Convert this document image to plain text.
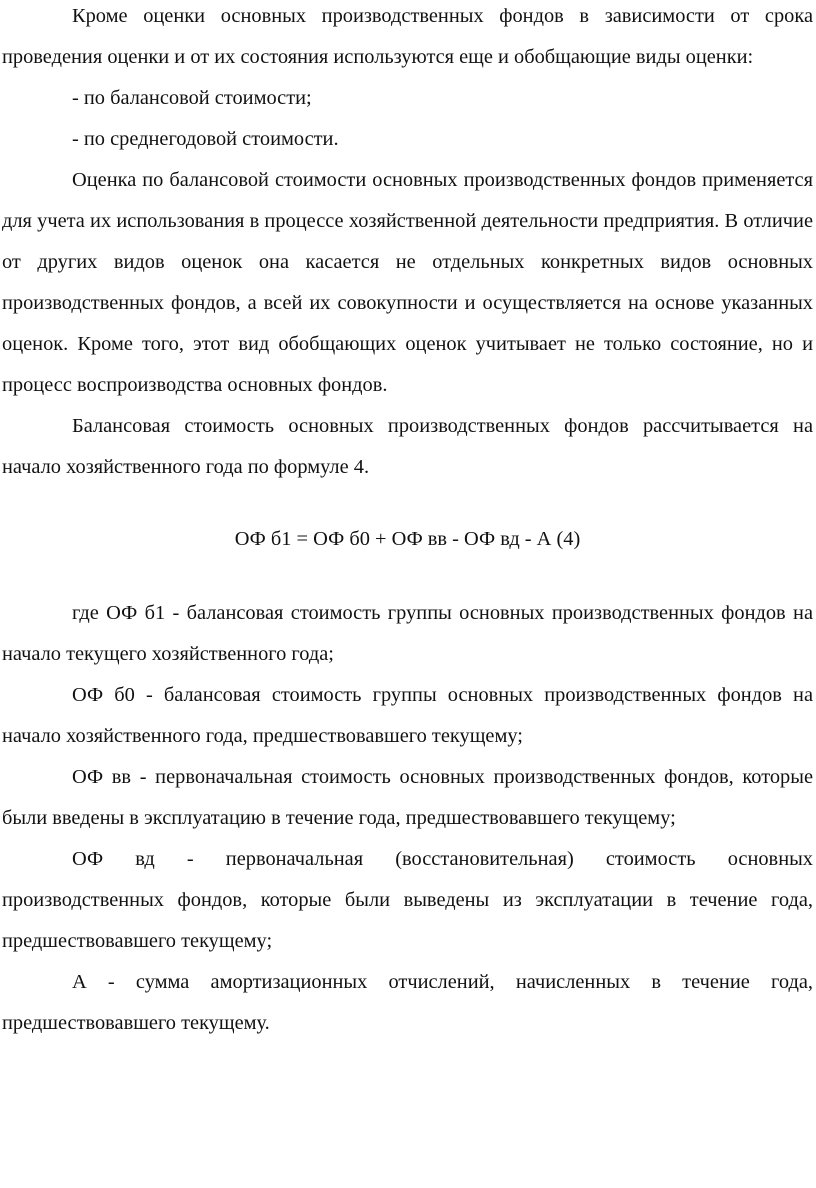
Кроме оценки основных производственных фондов в зависимости от срока проведения оценки и от их состояния используются еще и обобщающие виды оценки:

- по балансовой стоимости;

- по среднегодовой стоимости.

Оценка по балансовой стоимости основных производственных фондов применяется для учета их использования в процессе хозяйственной деятельности предприятия. В отличие от других видов оценок она касается не отдельных конкретных видов основных производственных фондов, а всей их совокупности и осуществляется на основе указанных оценок. Кроме того, этот вид обобщающих оценок учитывает не только состояние, но и процесс воспроизводства основных фондов.

Балансовая стоимость основных производственных фондов рассчитывается на начало хозяйственного года по формуле 4.

ОФ б1 = ОФ б0 + ОФ вв - ОФ вд - А (4)

где ОФ б1 - балансовая стоимость группы основных производственных фондов на начало текущего хозяйственного года;

ОФ б0 - балансовая стоимость группы основных производственных фондов на начало хозяйственного года, предшествовавшего текущему;

ОФ вв - первоначальная стоимость основных производственных фондов, которые были введены в эксплуатацию в течение года, предшествовавшего текущему;

ОФ вд - первоначальная (восстановительная) стоимость основных производственных фондов, которые были выведены из эксплуатации в течение года, предшествовавшего текущему;

А - сумма амортизационных отчислений, начисленных в течение года, предшествовавшего текущему.
